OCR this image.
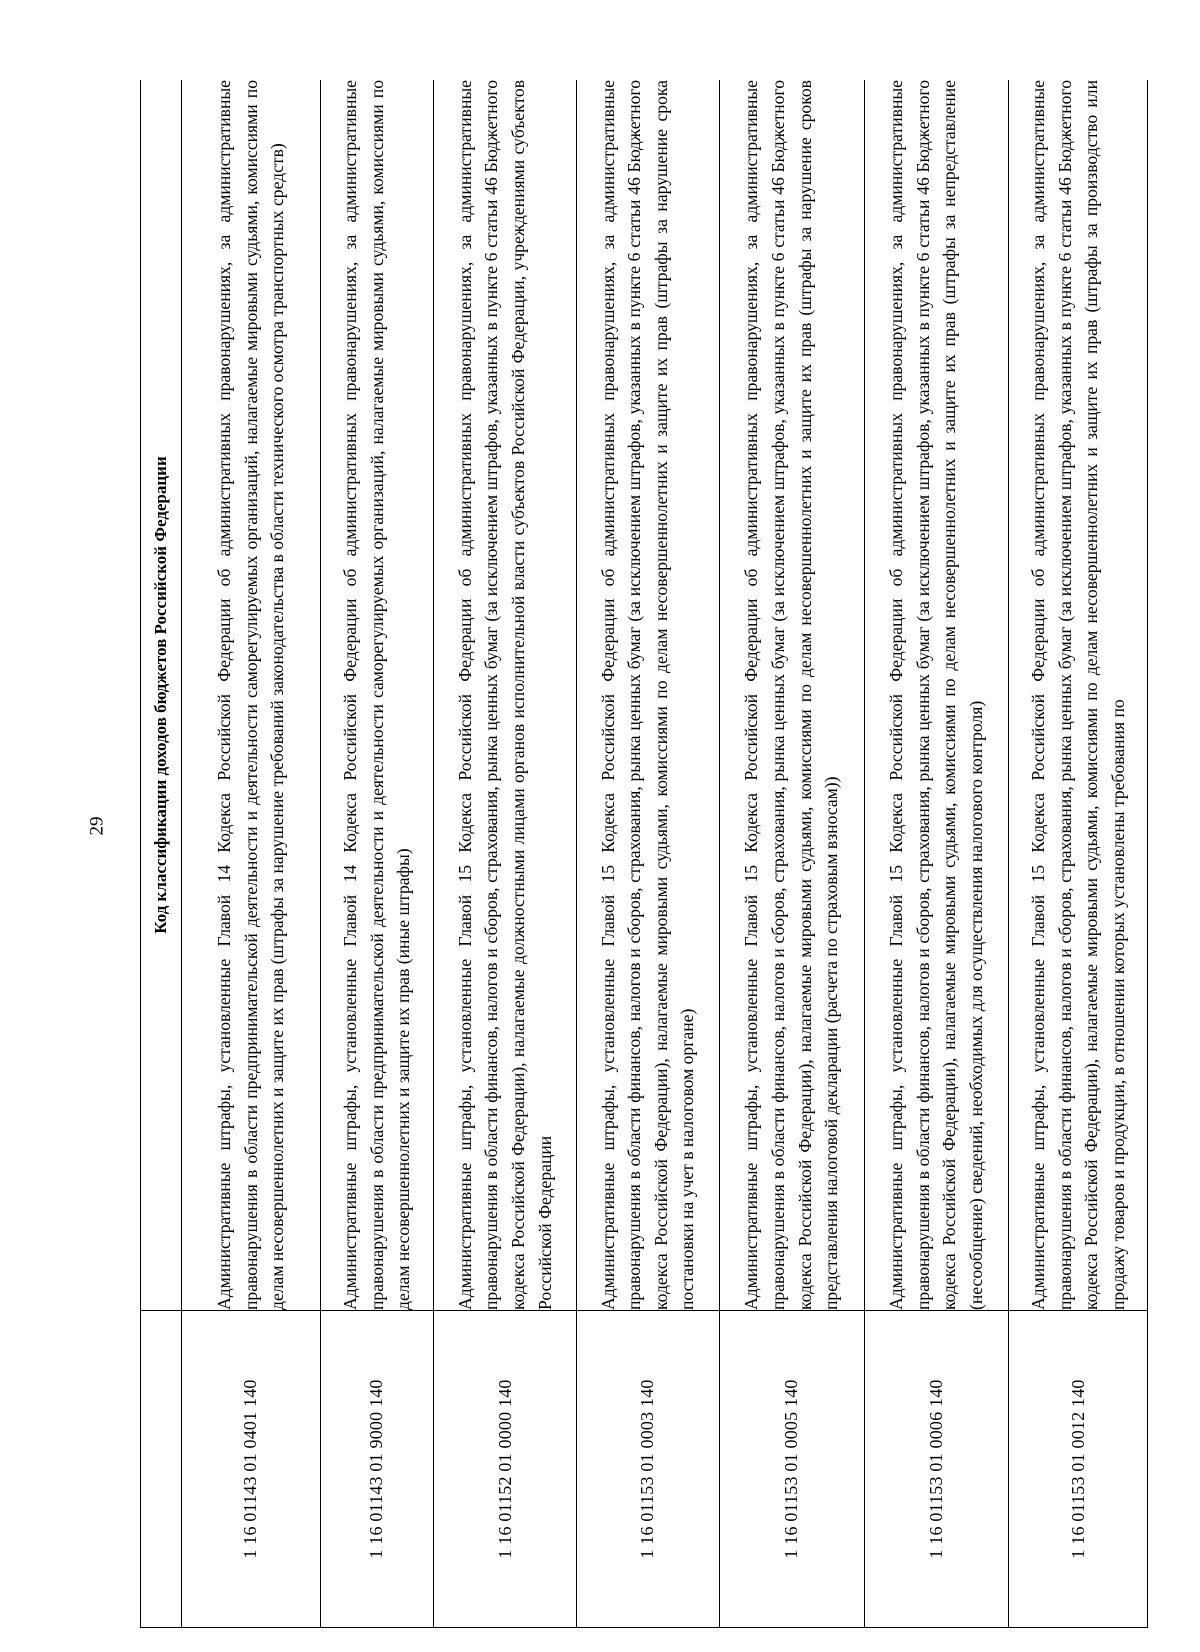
29
		Код классификации доходов бюджетов Российской Федерации
1 16 01143 01 0401 140	Административные штрафы, установленные Главой 14 Кодекса Российской Федерации об административных правонарушениях, за административные правонарушения в области предпринимательской деятельности и деятельности саморегулируемых организаций, налагаемые мировыми судьями, комиссиями по делам несовершеннолетних и защите их прав (штрафы за нарушение требований законодательства в области технического осмотра транспортных средств)
1 16 01143 01 9000 140	Административные штрафы, установленные Главой 14 Кодекса Российской Федерации об административных правонарушениях, за административные правонарушения в области предпринимательской деятельности и деятельности саморегулируемых организаций, налагаемые мировыми судьями, комиссиями по делам несовершеннолетних и защите их прав (иные штрафы)
1 16 01152 01 0000 140	Административные штрафы, установленные Главой 15 Кодекса Российской Федерации об административных правонарушениях, за административные правонарушения в области финансов, налогов и сборов, страхования, рынка ценных бумаг (за исключением штрафов, указанных в пункте 6 статьи 46 Бюджетного кодекса Российской Федерации), налагаемые должностными лицами органов исполнительной власти субъектов Российской Федерации, учреждениями субъектов Российской Федерации
1 16 01153 01 0003 140	Административные штрафы, установленные Главой 15 Кодекса Российской Федерации об административных правонарушениях, за административные правонарушения в области финансов, налогов и сборов, страхования, рынка ценных бумаг (за исключением штрафов, указанных в пункте 6 статьи 46 Бюджетного кодекса Российской Федерации), налагаемые мировыми судьями, комиссиями по делам несовершеннолетних и защите их прав (штрафы за нарушение срока постановки на учет в налоговом органе)
1 16 01153 01 0005 140	Административные штрафы, установленные Главой 15 Кодекса Российской Федерации об административных правонарушениях, за административные правонарушения в области финансов, налогов и сборов, страхования, рынка ценных бумаг (за исключением штрафов, указанных в пункте 6 статьи 46 Бюджетного кодекса Российской Федерации), налагаемые мировыми судьями, комиссиями по делам несовершеннолетних и защите их прав (штрафы за нарушение сроков представления налоговой декларации (расчета по страховым взносам))
1 16 01153 01 0006 140	Административные штрафы, установленные Главой 15 Кодекса Российской Федерации об административных правонарушениях, за административные правонарушения в области финансов, налогов и сборов, страхования, рынка ценных бумаг (за исключением штрафов, указанных в пункте 6 статьи 46 Бюджетного кодекса Российской Федерации), налагаемые мировыми судьями, комиссиями по делам несовершеннолетних и защите их прав (штрафы за непредставление (несообщение) сведений, необходимых для осуществления налогового контроля)
1 16 01153 01 0012 140	Административные штрафы, установленные Главой 15 Кодекса Российской Федерации об административных правонарушениях, за административные правонарушения в области финансов, налогов и сборов, страхования, рынка ценных бумаг (за исключением штрафов, указанных в пункте 6 статьи 46 Бюджетного кодекса Российской Федерации), налагаемые мировыми судьями, комиссиями по делам несовершеннолетних и защите их прав (штрафы за производство или продажу товаров и продукции, в отношении которых установлены требования по
